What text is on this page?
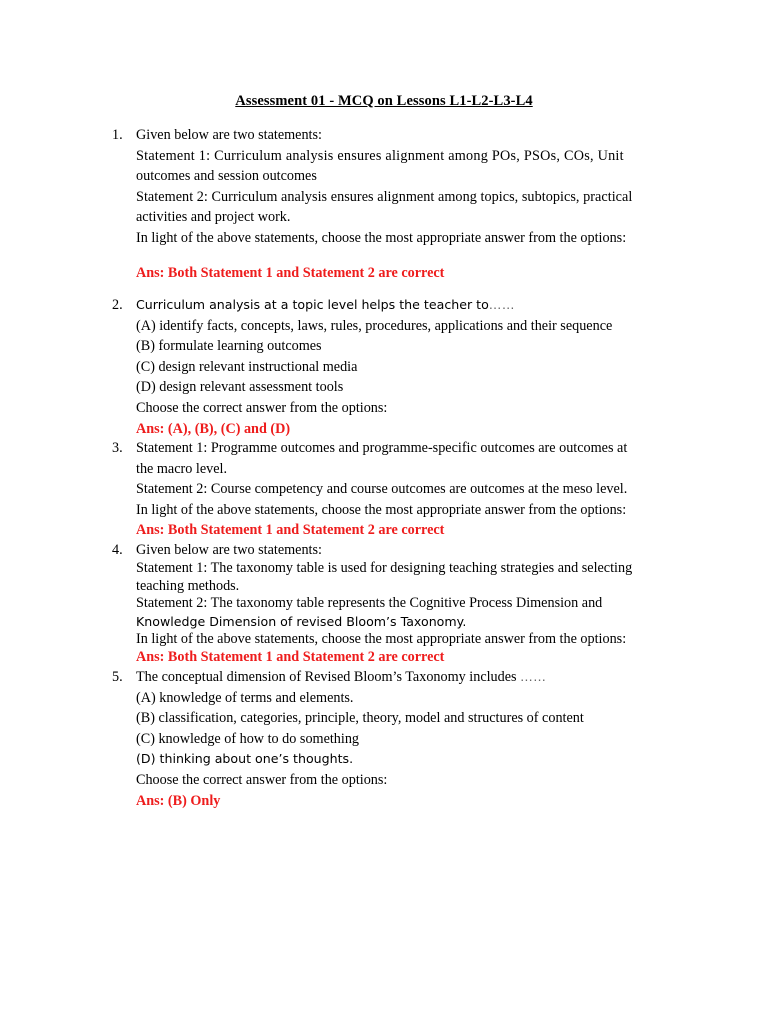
Assessment 01 - MCQ on Lessons L1-L2-L3-L4
1. Given below are two statements:
Statement 1: Curriculum analysis ensures alignment among POs, PSOs, COs, Unit
outcomes and session outcomes
Statement 2: Curriculum analysis ensures alignment among topics, subtopics, practical
activities and project work.
In light of the above statements, choose the most appropriate answer from the options:
Ans: Both Statement 1 and Statement 2 are correct
2.	Curriculum analysis at a topic level helps the teacher to……
(A) identify facts, concepts, laws, rules, procedures, applications and their sequence
(B) formulate learning outcomes
(C) design relevant instructional media
(D) design relevant assessment tools
Choose the correct answer from the options:
Ans: (A), (B), (C) and (D)
3. Statement 1: Programme outcomes and programme-specific outcomes are outcomes at
the macro level.
Statement 2: Course competency and course outcomes are outcomes at the meso level.
In light of the above statements, choose the most appropriate answer from the options:
Ans: Both Statement 1 and Statement 2 are correct
4. Given below are two statements:
Statement 1: The taxonomy table is used for designing teaching strategies and selecting
teaching methods.
Statement 2: The taxonomy table represents the Cognitive Process Dimension and
Knowledge Dimension of revised Bloom’s Taxonomy.
In light of the above statements, choose the most appropriate answer from the options:
Ans: Both Statement 1 and Statement 2 are correct
5. The conceptual dimension of Revised Bloom’s Taxonomy includes ……
(A) knowledge of terms and elements.
(B) classification, categories, principle, theory, model and structures of content
(C) knowledge of how to do something
(D) thinking about one’s thoughts.
Choose the correct answer from the options:
Ans: (B) Only
